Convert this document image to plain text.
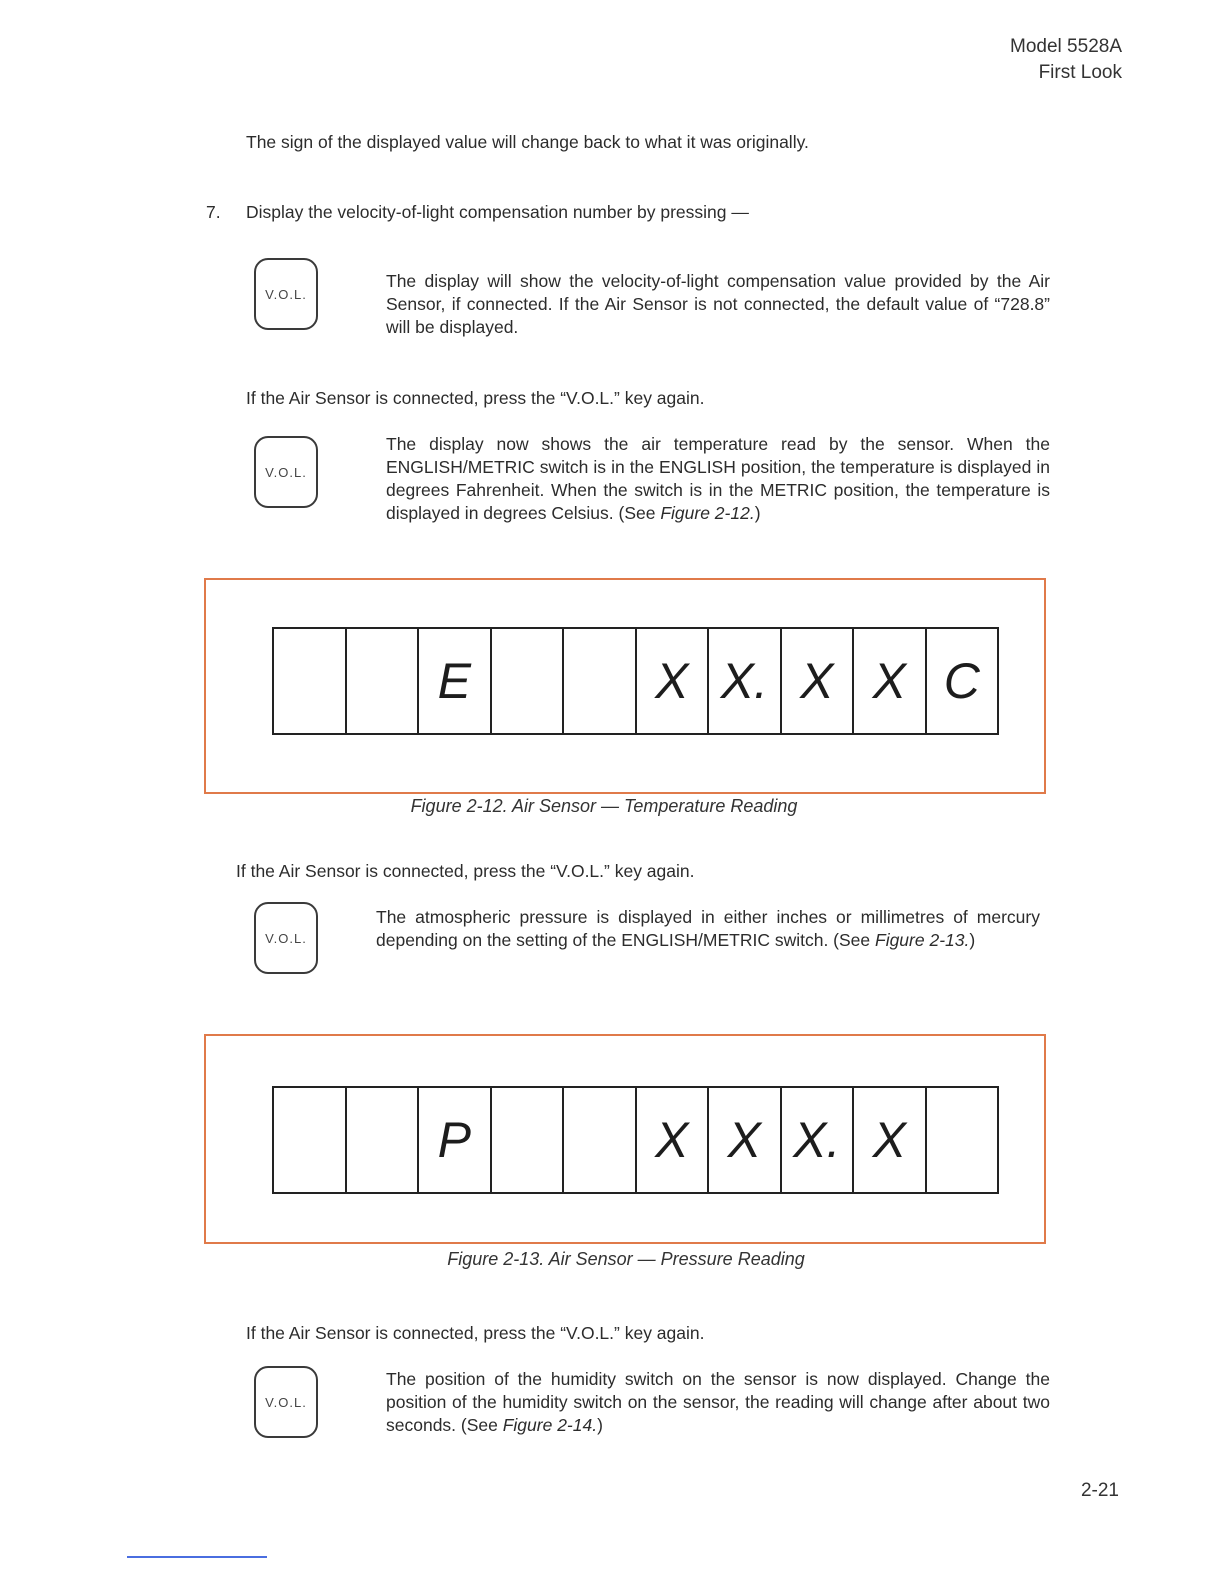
Model 5528A
First Look
The sign of the displayed value will change back to what it was originally.
7. Display the velocity-of-light compensation number by pressing —
V.O.L.
The display will show the velocity-of-light compensation value provided by the Air Sensor, if connected. If the Air Sensor is not connected, the default value of “728.8” will be displayed.
If the Air Sensor is connected, press the “V.O.L.” key again.
V.O.L.
The display now shows the air temperature read by the sensor. When the ENGLISH/METRIC switch is in the ENGLISH position, the temperature is displayed in degrees Fahrenheit. When the switch is in the METRIC position, the temperature is displayed in degrees Celsius. (See Figure 2-12.)
E	X X. X X C
Figure 2-12. Air Sensor — Temperature Reading
If the Air Sensor is connected, press the “V.O.L.” key again.
V.O.L.
The atmospheric pressure is displayed in either inches or millimetres of mercury depending on the setting of the ENGLISH/METRIC switch. (See Figure 2-13.)
P	X X X. X
Figure 2-13. Air Sensor — Pressure Reading
If the Air Sensor is connected, press the “V.O.L.” key again.
V.O.L.
The position of the humidity switch on the sensor is now displayed. Change the position of the humidity switch on the sensor, the reading will change after about two seconds. (See Figure 2-14.)
2-21
